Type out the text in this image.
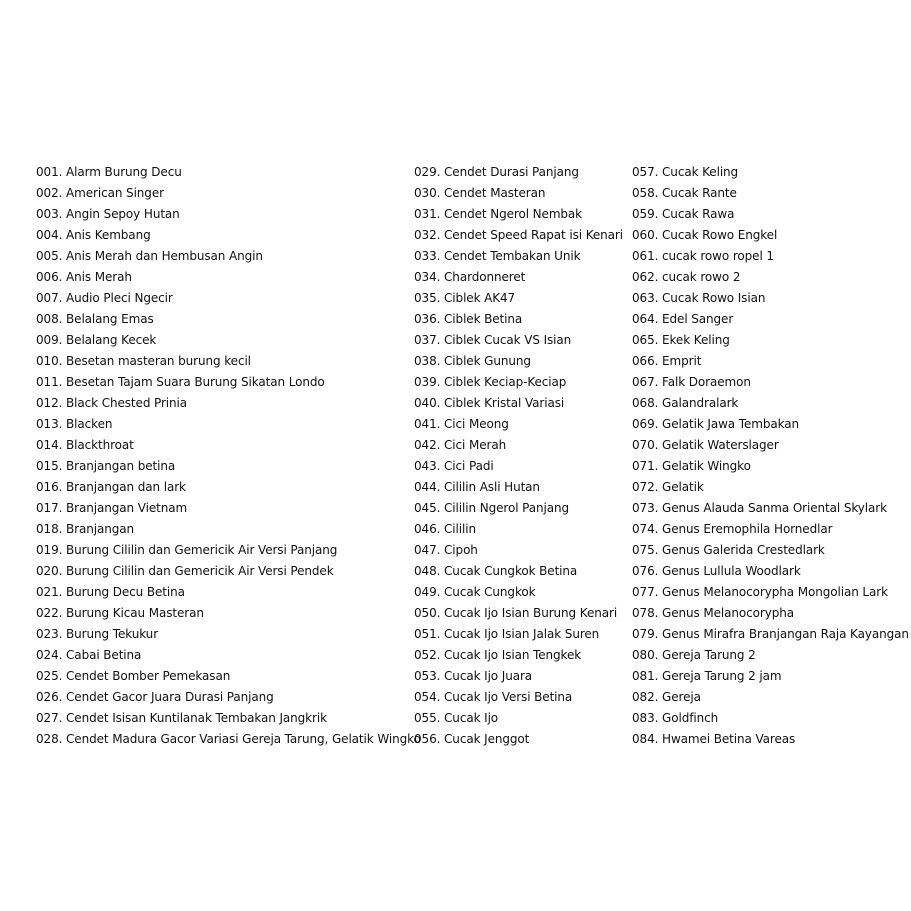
001. Alarm Burung Decu
002. American Singer
003. Angin Sepoy Hutan
004. Anis Kembang
005. Anis Merah dan Hembusan Angin
006. Anis Merah
007. Audio Pleci Ngecir
008. Belalang Emas
009. Belalang Kecek
010. Besetan masteran burung kecil
011. Besetan Tajam Suara Burung Sikatan Londo
012. Black Chested Prinia
013. Blacken
014. Blackthroat
015. Branjangan betina
016. Branjangan dan lark
017. Branjangan Vietnam
018. Branjangan
019. Burung Cililin dan Gemericik Air Versi Panjang
020. Burung Cililin dan Gemericik Air Versi Pendek
021. Burung Decu Betina
022. Burung Kicau Masteran
023. Burung Tekukur
024. Cabai Betina
025. Cendet Bomber Pemekasan
026. Cendet Gacor Juara Durasi Panjang
027. Cendet Isisan Kuntilanak Tembakan Jangkrik
028. Cendet Madura Gacor Variasi Gereja Tarung, Gelatik Wingko
029. Cendet Durasi Panjang
030. Cendet Masteran
031. Cendet Ngerol Nembak
032. Cendet Speed Rapat isi Kenari
033. Cendet Tembakan Unik
034. Chardonneret
035. Ciblek AK47
036. Ciblek Betina
037. Ciblek Cucak VS Isian
038. Ciblek Gunung
039. Ciblek Keciap-Keciap
040. Ciblek Kristal Variasi
041. Cici Meong
042. Cici Merah
043. Cici Padi
044. Cililin Asli Hutan
045. Cililin Ngerol Panjang
046. Cililin
047. Cipoh
048. Cucak Cungkok Betina
049. Cucak Cungkok
050. Cucak Ijo Isian Burung Kenari
051. Cucak Ijo Isian Jalak Suren
052. Cucak Ijo Isian Tengkek
053. Cucak Ijo Juara
054. Cucak Ijo Versi Betina
055. Cucak Ijo
056. Cucak Jenggot
057. Cucak Keling
058. Cucak Rante
059. Cucak Rawa
060. Cucak Rowo Engkel
061. cucak rowo ropel 1
062. cucak rowo 2
063. Cucak Rowo Isian
064. Edel Sanger
065. Ekek Keling
066. Emprit
067. Falk Doraemon
068. Galandralark
069. Gelatik Jawa Tembakan
070. Gelatik Waterslager
071. Gelatik Wingko
072. Gelatik
073. Genus Alauda Sanma Oriental Skylark
074. Genus Eremophila Hornedlar
075. Genus Galerida Crestedlark
076. Genus Lullula Woodlark
077. Genus Melanocorypha Mongolian Lark
078. Genus Melanocorypha
079. Genus Mirafra Branjangan Raja Kayangan
080. Gereja Tarung 2
081. Gereja Tarung 2 jam
082. Gereja
083. Goldfinch
084. Hwamei Betina Vareas
